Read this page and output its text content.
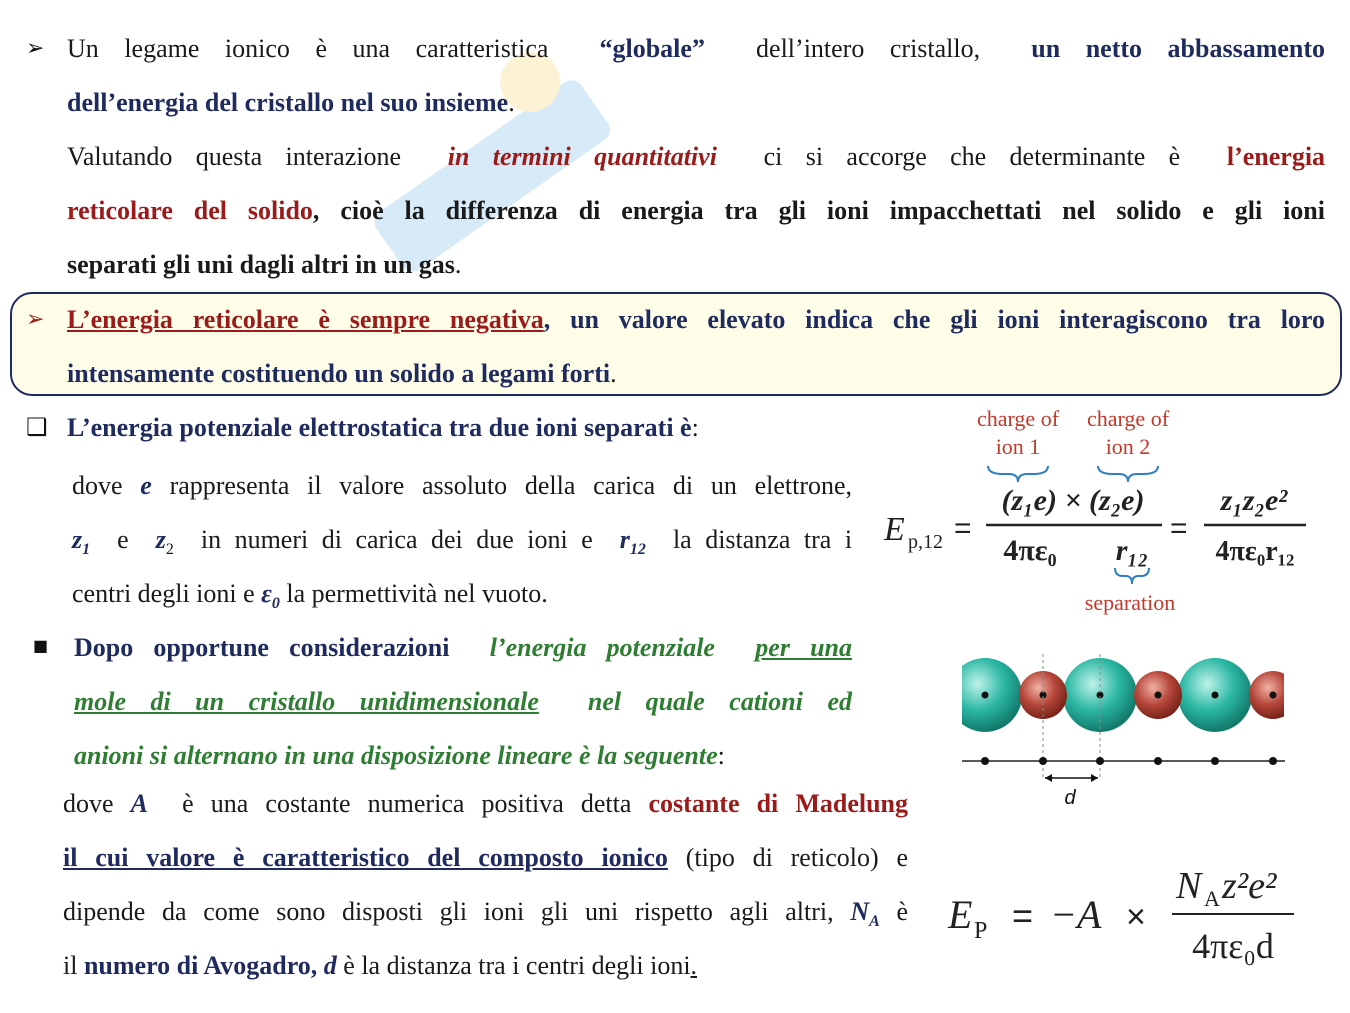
➢ Un legame ionico è una caratteristica “globale” dell’intero cristallo, un netto abbassamento
dell’energia del cristallo nel suo insieme.
Valutando questa interazione in termini quantitativi ci si accorge che determinante è l’energia
reticolare del solido, cioè la differenza di energia tra gli ioni impacchettati nel solido e gli ioni
separati gli uni dagli altri in un gas.
➢ L’energia reticolare è sempre negativa, un valore elevato indica che gli ioni interagiscono tra loro
intensamente costituendo un solido a legami forti.
❑ L’energia potenziale elettrostatica tra due ioni separati è:
dove e rappresenta il valore assoluto della carica di un elettrone,
$z_1$ e $z_2$ in numeri di carica dei due ioni e $r_{12}$ la distanza tra i
centri degli ioni e $\varepsilon_0$ la permettività nel vuoto.
■ Dopo opportune considerazioni l’energia potenziale per una
mole di un cristallo unidimensionale nel quale cationi ed
anioni si alternano in una disposizione lineare è la seguente:
dove A è una costante numerica positiva detta costante di Madelung
il cui valore è caratteristico del composto ionico (tipo di reticolo) e
dipende da come sono disposti gli ioni gli uni rispetto agli altri, $N_A$ è
il numero di Avogadro, d è la distanza tra i centri degli ioni.
charge of
ion 1
charge of
ion 2
E p,12 =
(z₁e) × (z₂e)
4πε₀ r₁₂
separation
=
z₁z₂e²
4πε₀r₁₂
d
E P = −A ×
N A z²e²
4πε₀d
